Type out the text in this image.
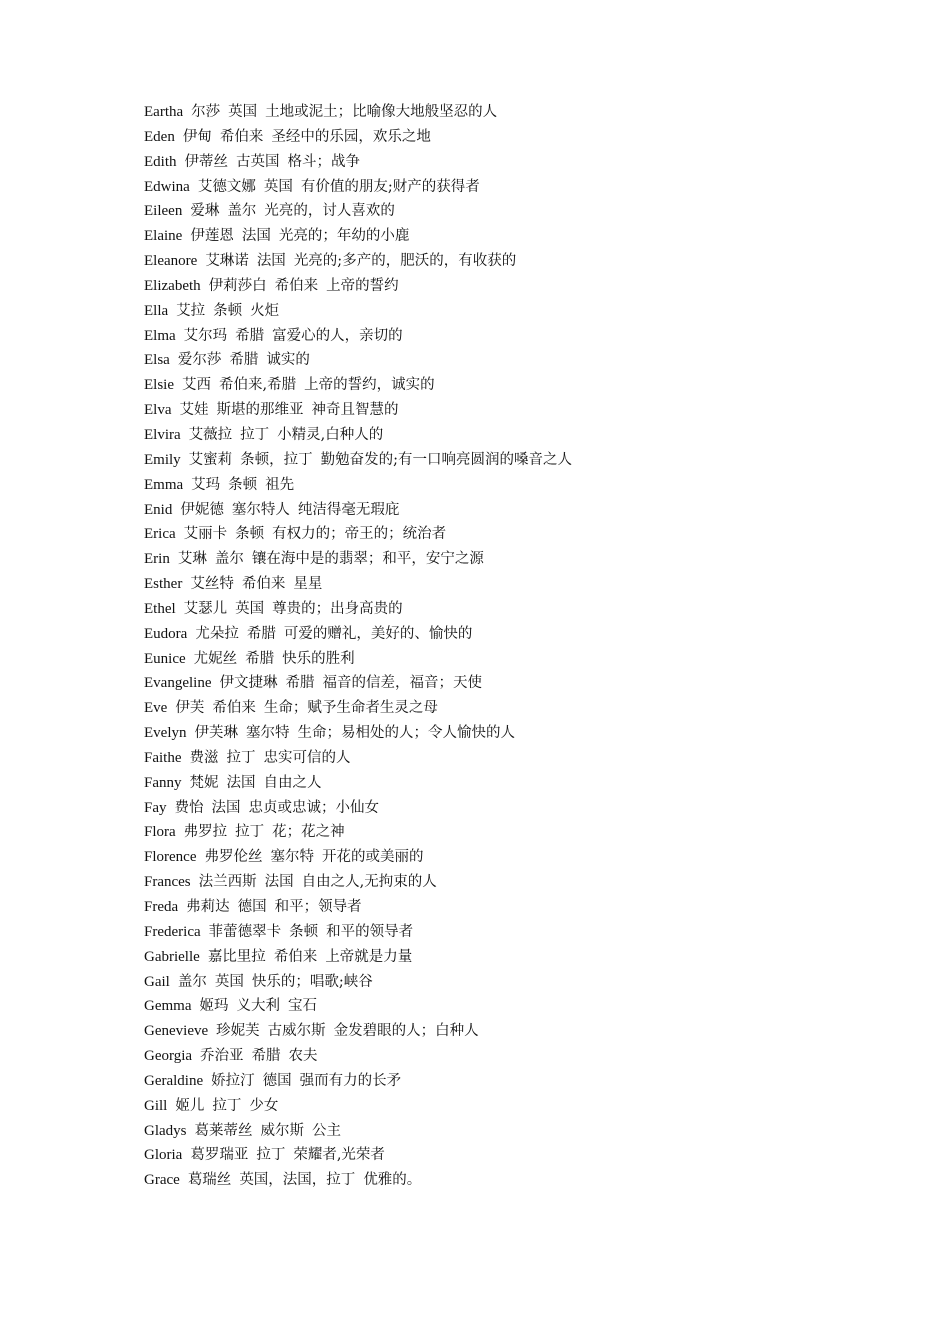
Eartha 尔莎 英国 土地或泥土；比喻像大地般坚忍的人
Eden 伊甸 希伯来 圣经中的乐园，欢乐之地
Edith 伊蒂丝 古英国 格斗；战争
Edwina 艾德文娜 英国 有价值的朋友;财产的获得者
Eileen 爱琳 盖尔 光亮的，讨人喜欢的
Elaine 伊莲恩 法国 光亮的；年幼的小鹿
Eleanore 艾琳诺 法国 光亮的;多产的，肥沃的，有收获的
Elizabeth 伊莉莎白 希伯来 上帝的誓约
Ella 艾拉 条顿 火炬
Elma 艾尔玛 希腊 富爱心的人，亲切的
Elsa 爱尔莎 希腊 诚实的
Elsie 艾西 希伯来,希腊 上帝的誓约，诚实的
Elva 艾娃 斯堪的那维亚 神奇且智慧的
Elvira 艾薇拉 拉丁 小精灵,白种人的
Emily 艾蜜莉 条顿，拉丁 勤勉奋发的;有一口响亮圆润的嗓音之人
Emma 艾玛 条顿 祖先
Enid 伊妮德 塞尔特人 纯洁得毫无瑕庇
Erica 艾丽卡 条顿 有权力的；帝王的；统治者
Erin 艾琳 盖尔 镶在海中是的翡翠；和平，安宁之源
Esther 艾丝特 希伯来 星星
Ethel 艾瑟儿 英国 尊贵的；出身高贵的
Eudora 尤朵拉 希腊 可爱的赠礼，美好的、愉快的
Eunice 尤妮丝 希腊 快乐的胜利
Evangeline 伊文捷琳 希腊 福音的信差，福音；天使
Eve 伊芙 希伯来 生命；赋予生命者生灵之母
Evelyn 伊芙琳 塞尔特 生命；易相处的人；令人愉快的人
Faithe 费滋 拉丁 忠实可信的人
Fanny 梵妮 法国 自由之人
Fay 费怡 法国 忠贞或忠诚；小仙女
Flora 弗罗拉 拉丁 花；花之神
Florence 弗罗伦丝 塞尔特 开花的或美丽的
Frances 法兰西斯 法国 自由之人,无拘束的人
Freda 弗莉达 德国 和平；领导者
Frederica 菲蕾德翠卡 条顿 和平的领导者
Gabrielle 嘉比里拉 希伯来 上帝就是力量
Gail 盖尔 英国 快乐的；唱歌;峡谷
Gemma 姬玛 义大利 宝石
Genevieve 珍妮芙 古威尔斯 金发碧眼的人；白种人
Georgia 乔治亚 希腊 农夫
Geraldine 娇拉汀 德国 强而有力的长矛
Gill 姬儿 拉丁 少女
Gladys 葛莱蒂丝 威尔斯 公主
Gloria 葛罗瑞亚 拉丁 荣耀者,光荣者
Grace 葛瑞丝 英国，法国，拉丁 优雅的。
